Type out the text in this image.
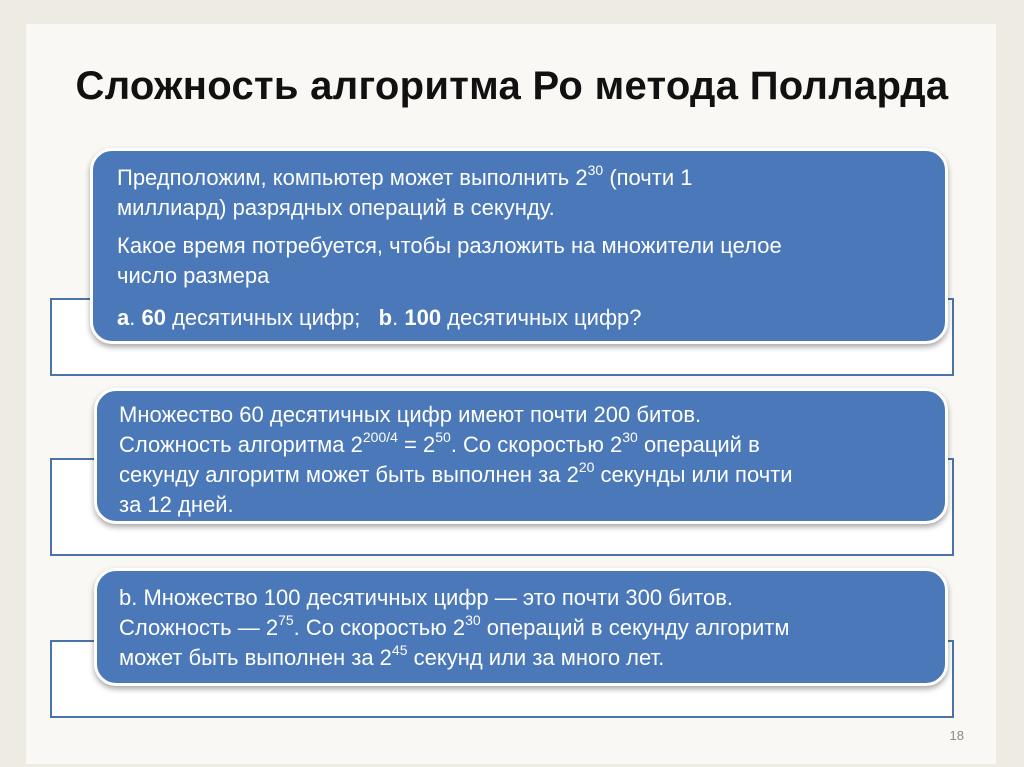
Сложность алгоритма Ро метода Полларда

Предположим, компьютер может выполнить $2^{30}$ (почти 1
миллиард) разрядных операций в секунду.

Какое время потребуется, чтобы разложить на множители целое
число размера

a. 60 десятичных цифр;   b. 100 десятичных цифр?

Множество 60 десятичных цифр имеют почти 200 битов.
Сложность алгоритма $2^{200/4} = 2^{50}$. Со скоростью $2^{30}$ операций в
секунду алгоритм может быть выполнен за $2^{20}$ секунды или почти
за 12 дней.

b. Множество 100 десятичных цифр — это почти 300 битов.
Сложность — $2^{75}$. Со скоростью $2^{30}$ операций в секунду алгоритм
может быть выполнен за $2^{45}$ секунд или за много лет.

18
